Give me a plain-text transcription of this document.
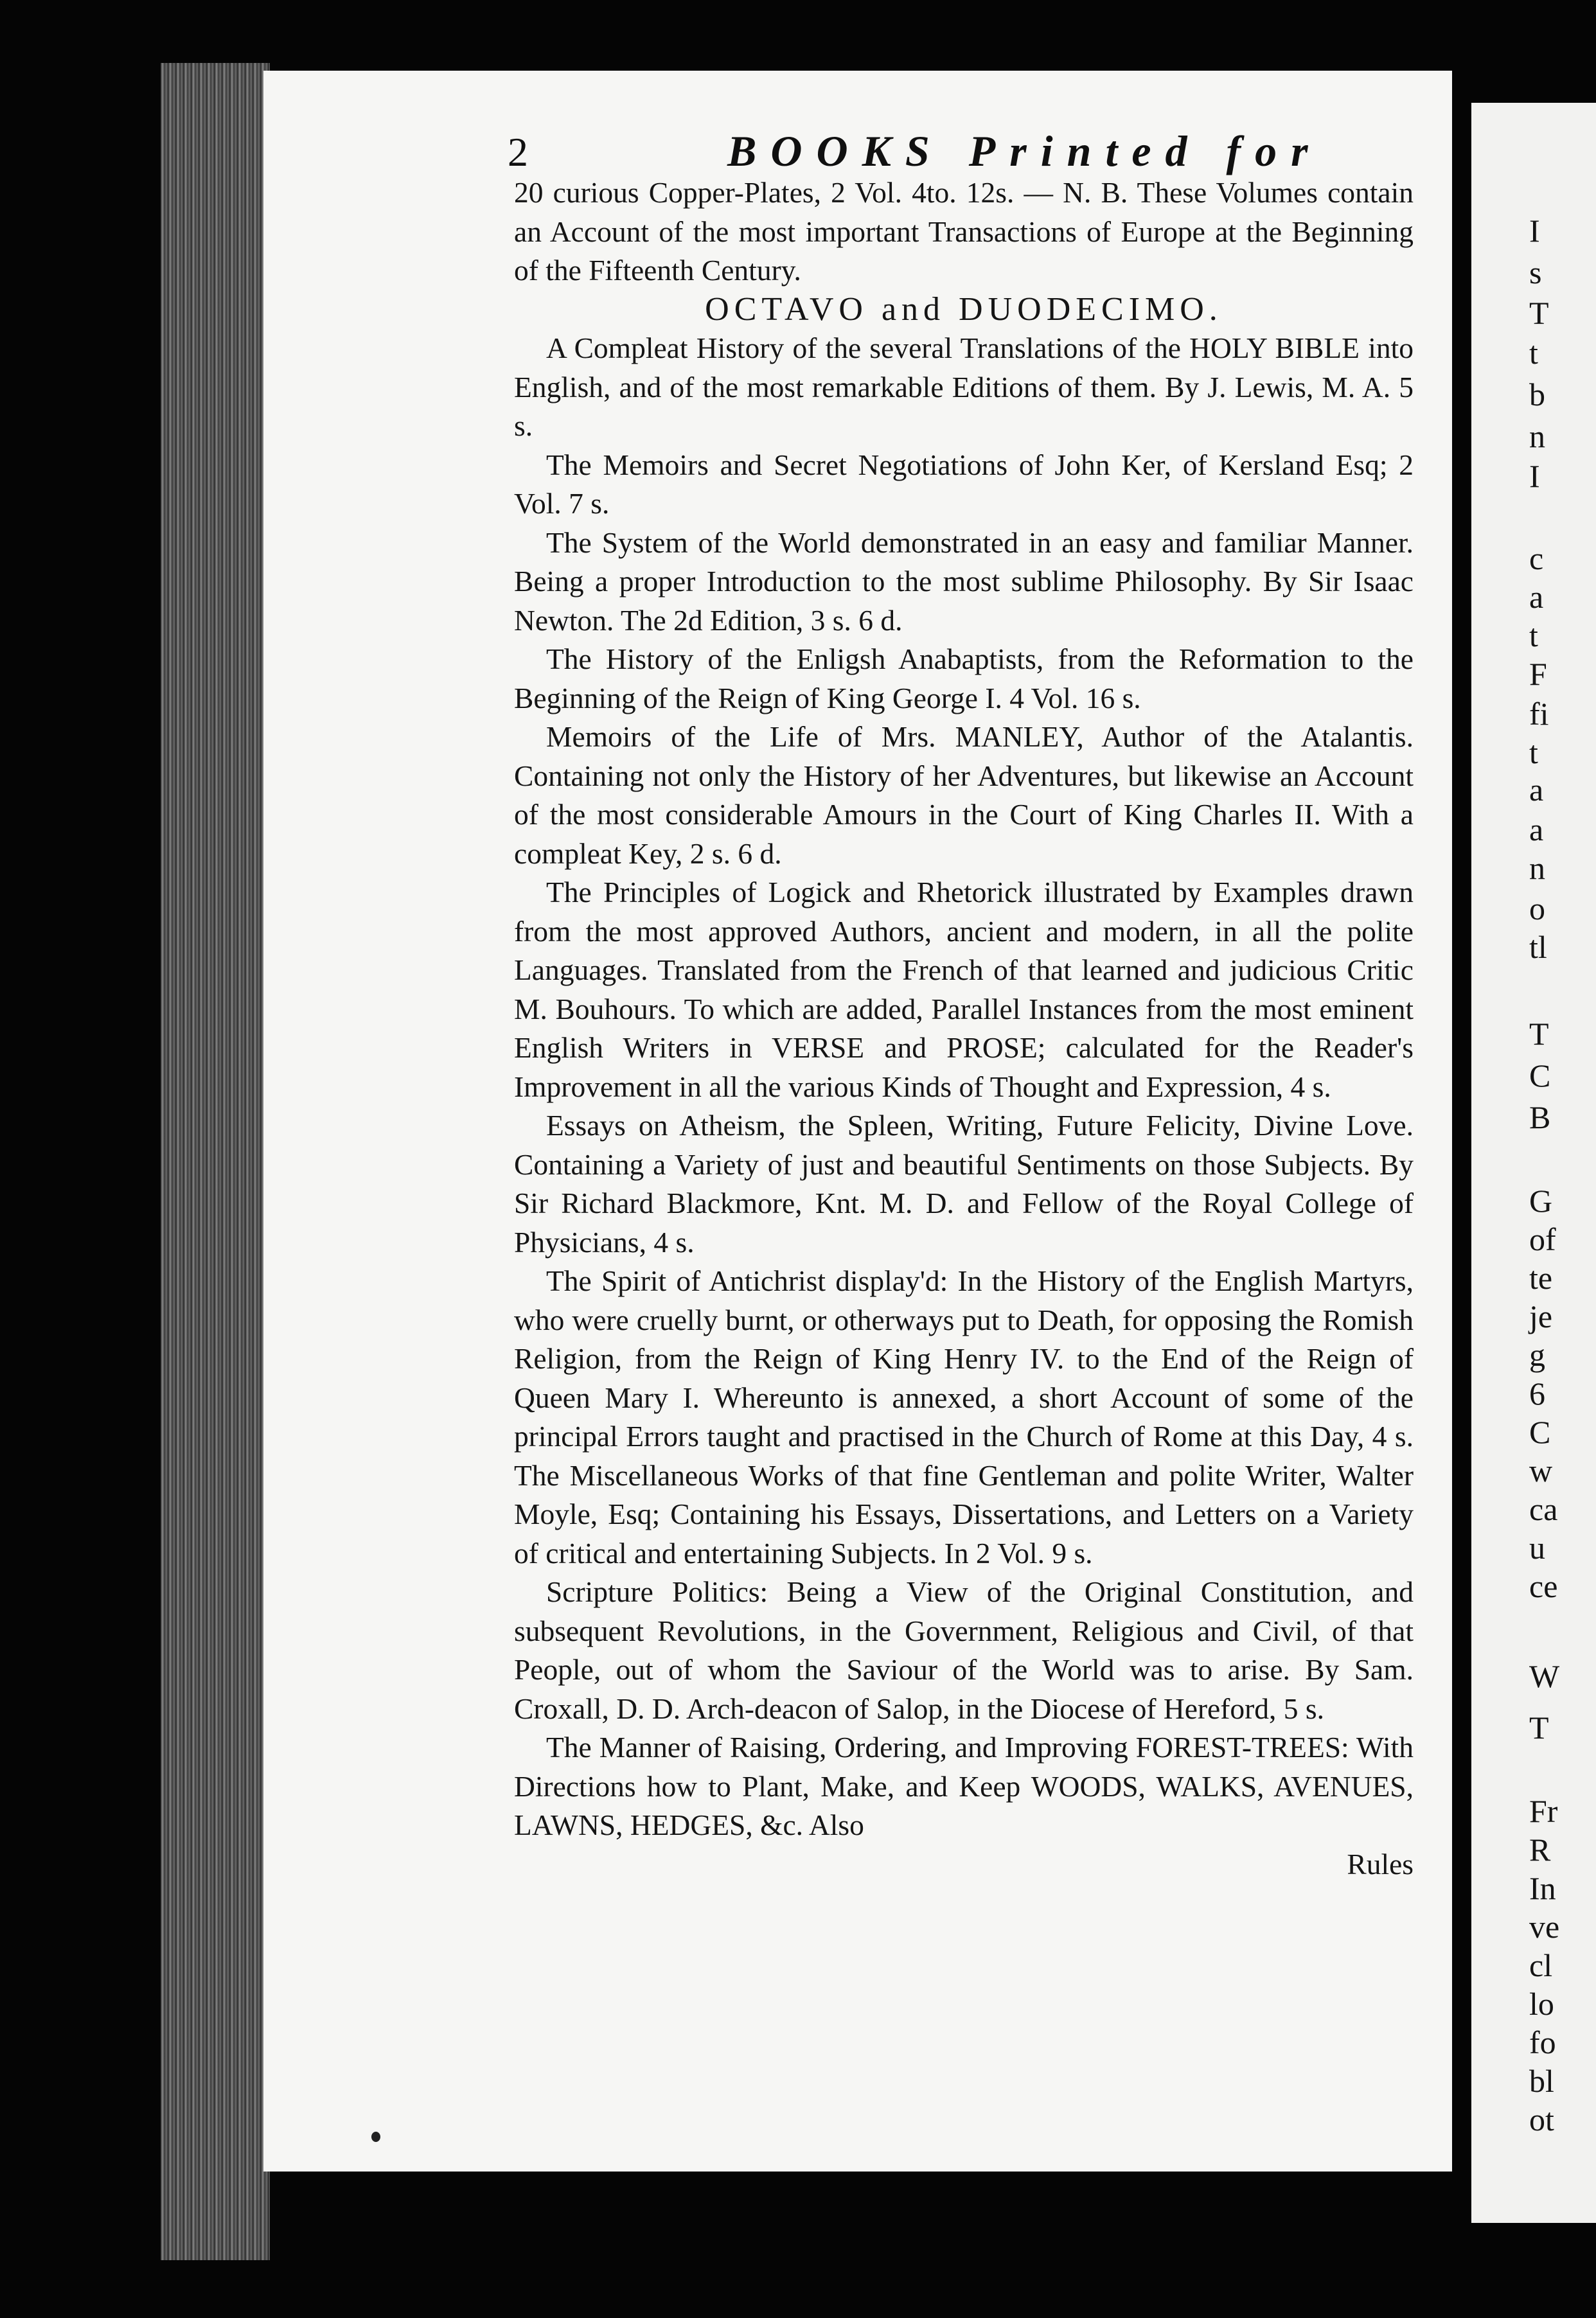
I
s
T
t
b
n
I
c
a
t
F
fi
t
a
a
n
o
tl
T
C
B
G
of
te
je
g
6
C
w
ca
u
ce
W
T
Fr
R
In
ve
cl
lo
fo
bl
ot
2	BOOKS Printed for

20 curious Copper-Plates, 2 Vol. 4to. 12s. — N. B. These Volumes contain an Account of the most important Transactions of Europe at the Beginning of the Fifteenth Century.

OCTAVO and DUODECIMO.

A Compleat History of the several Translations of the HOLY BIBLE into English, and of the most remarkable Editions of them. By J. Lewis, M. A. 5 s.

The Memoirs and Secret Negotiations of John Ker, of Kersland Esq; 2 Vol. 7 s.

The System of the World demonstrated in an easy and familiar Manner. Being a proper Introduction to the most sublime Philosophy. By Sir Isaac Newton. The 2d Edition, 3 s. 6 d.

The History of the Enligsh Anabaptists, from the Reformation to the Beginning of the Reign of King George I. 4 Vol. 16 s.

Memoirs of the Life of Mrs. MANLEY, Author of the Atalantis. Containing not only the History of her Adventures, but likewise an Account of the most considerable Amours in the Court of King Charles II. With a compleat Key, 2 s. 6 d.

The Principles of Logick and Rhetorick illustrated by Examples drawn from the most approved Authors, ancient and modern, in all the polite Languages. Translated from the French of that learned and judicious Critic M. Bouhours. To which are added, Parallel Instances from the most eminent English Writers in VERSE and PROSE; calculated for the Reader's Improvement in all the various Kinds of Thought and Expression, 4 s.

Essays on Atheism, the Spleen, Writing, Future Felicity, Divine Love. Containing a Variety of just and beautiful Sentiments on those Subjects. By Sir Richard Blackmore, Knt. M. D. and Fellow of the Royal College of Physicians, 4 s.

The Spirit of Antichrist display'd: In the History of the English Martyrs, who were cruelly burnt, or otherways put to Death, for opposing the Romish Religion, from the Reign of King Henry IV. to the End of the Reign of Queen Mary I. Whereunto is annexed, a short Account of some of the principal Errors taught and practised in the Church of Rome at this Day, 4 s. The Miscellaneous Works of that fine Gentleman and polite Writer, Walter Moyle, Esq; Containing his Essays, Dissertations, and Letters on a Variety of critical and entertaining Subjects. In 2 Vol. 9 s.

Scripture Politics: Being a View of the Original Constitution, and subsequent Revolutions, in the Government, Religious and Civil, of that People, out of whom the Saviour of the World was to arise. By Sam. Croxall, D. D. Arch-deacon of Salop, in the Diocese of Hereford, 5 s.

The Manner of Raising, Ordering, and Improving FOREST-TREES: With Directions how to Plant, Make, and Keep WOODS, WALKS, AVENUES, LAWNS, HEDGES, &c. Also

Rules
